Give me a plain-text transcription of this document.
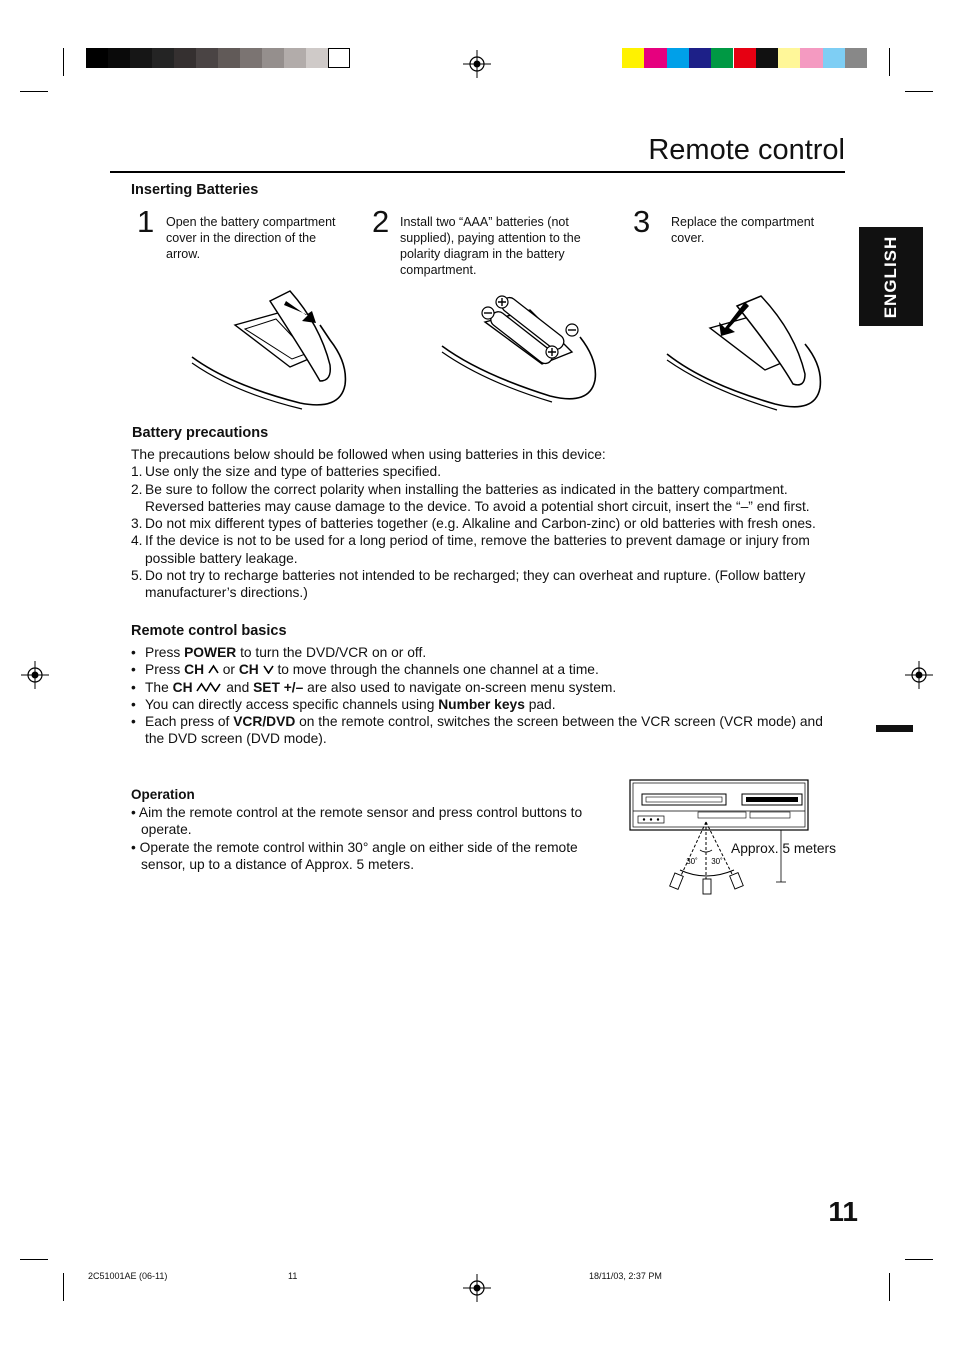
Remote control
ENGLISH
Inserting Batteries
1 Open the battery compartment cover in the direction of the arrow.
2 Install two “AAA” batteries (not supplied), paying attention to the polarity diagram in the battery compartment.
3 Replace the compartment cover.
Battery precautions
The precautions below should be followed when using batteries in this device:
1. Use only the size and type of batteries specified.
2. Be sure to follow the correct polarity when installing the batteries as indicated in the battery compartment. Reversed batteries may cause damage to the device. To avoid a potential short circuit, insert the “–” end first.
3. Do not mix different types of batteries together (e.g. Alkaline and Carbon-zinc) or old batteries with fresh ones.
4. If the device is not to be used for a long period of time, remove the batteries to prevent damage or injury from possible battery leakage.
5. Do not try to recharge batteries not intended to be recharged; they can overheat and rupture. (Follow battery manufacturer’s directions.)
Remote control basics
• Press POWER to turn the DVD/VCR on or off.
• Press CH  or CH  to move through the channels one channel at a time.
• The CH  and SET +/– are also used to navigate on-screen menu system.
• You can directly access specific channels using Number keys pad.
• Each press of VCR/DVD on the remote control, switches the screen between the VCR screen (VCR mode) and the DVD screen (DVD mode).
Operation

• Aim the remote control at the remote sensor and press control buttons to operate.

• Operate the remote control within 30° angle on either side of the remote sensor, up to a distance of Approx. 5 meters.	30˚ 30˚
Approx. 5 meters
11
2C51001AE (06-11)	11	18/11/03, 2:37 PM
